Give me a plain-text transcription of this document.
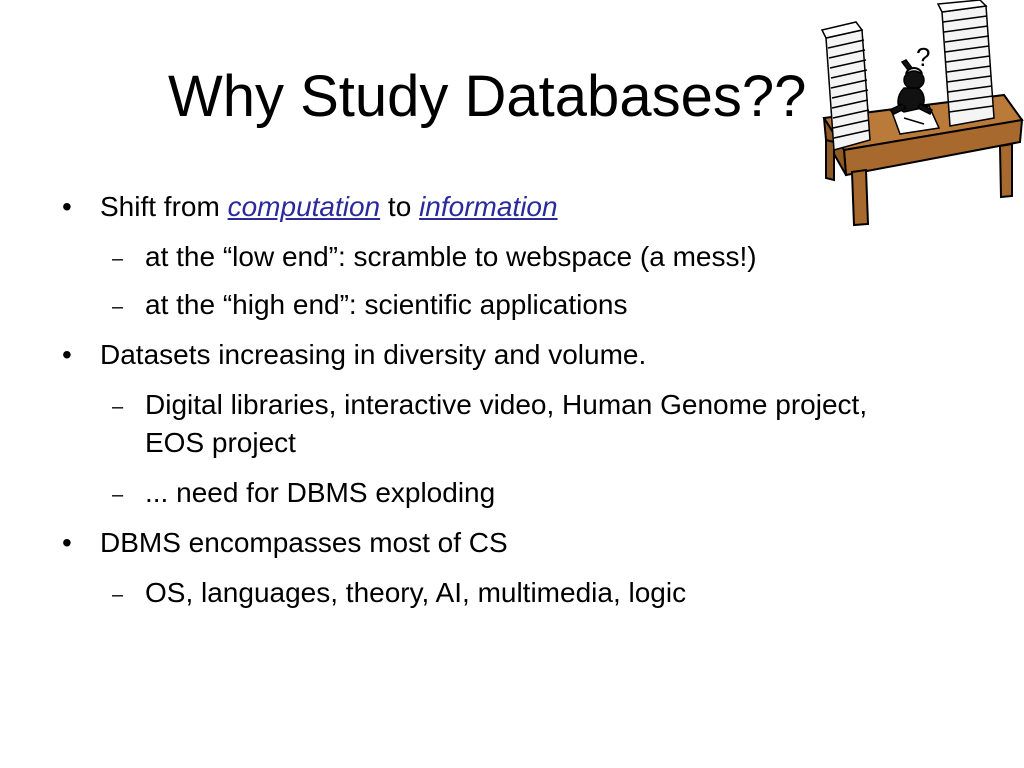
Why Study Databases??
?
• Shift from computation to information
– at the “low end”: scramble to webspace (a mess!)
– at the “high end”: scientific applications
• Datasets increasing in diversity and volume.
– Digital libraries, interactive video, Human Genome project, EOS project
– ... need for DBMS exploding
• DBMS encompasses most of CS
– OS, languages, theory, AI, multimedia, logic
